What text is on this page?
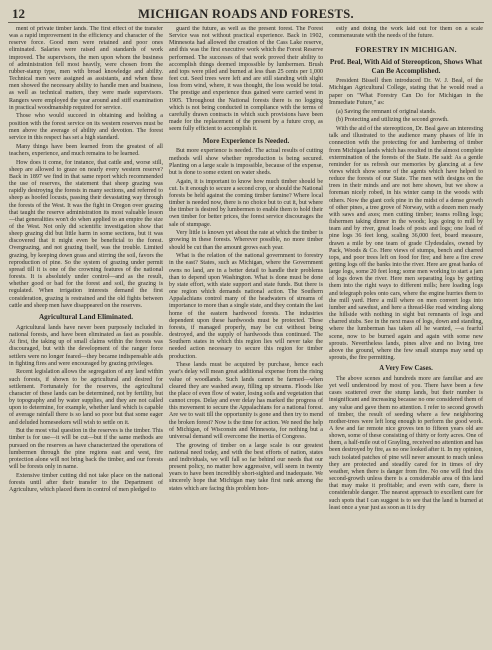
12	MICHIGAN ROADS AND FORESTS.

ment of private timber lands. The first effect of the transfer was a rapid improvement in the efficiency and character of the reserve force. Good men were retained and poor ones eliminated. Salaries were raised and standards of work improved. The supervisors, the men upon whom the business of administration fell most heavily, were chosen from the rubber-stamp type, men with broad knowledge and ability. Technical men were assigned as assistants, and when these men showed the necessary ability to handle men and business, as well as technical matters, they were made supervisors. Rangers were employed the year around and stiff examination in practical woodmanship required for service.

Those who would succeed in obtaining and holding a position with the forest service on its western reserves must be men above the average of ability and devotion. The forest service in this respect has set a high standard.

Many things have been learned from the greatest of all teachers, experience, and much remains to be learned.

How does it come, for instance, that cattle and, worse still, sheep are allowed to graze on nearly every western reserve? Back in 1897 we find in that same report which recommended the use of reserves, the statement that sheep grazing was rapidly destroying the forests in many sections, and referred to sheep as hoofed locusts, passing their devastating way through the forests of the West. It was the fight in Oregon over grazing that taught the reserve administration its most valuable lesson —that generalities won't do when applied to an empire the size of the West. Not only did scientific investigation show that sheep grazing did but little harm in some sections, but it was discovered that it might even be beneficial to the forest. Overgrazing, and not grazing itself, was the trouble. Limited grazing, by keeping down grass and stirring the soil, favors the reproduction of pine. So the system of grazing under permit spread till it is one of the crowning features of the national forests. It is absolutely under control—and as the result, whether good or bad for the forest and soil, the grazing is regulated. When irrigation interests demand the first consideration, grazing is restrained and the old fights between cattle and sheep men have disappeared on the reserves.

Agricultural Land Eliminated.

Agricultural lands have never been purposely included in national forests, and have been eliminated as fast as possible. At first, the taking up of small claims within the forests was discouraged, but with the development of the ranger force settlers were no longer feared—they became indispensable aids in fighting fires and were encouraged by grazing privileges.

Recent legislation allows the segregation of any land within such forests, if shown to be agricultural and desired for settlement. Fortunately for the reserves, the agricultural character of these lands can be determined, not by fertility, but by topography and by water supplies, and they are not called upon to determine, for example, whether land which is capable of average rainfall there is so land so poor but that some eager and deluded homeseekers will wish to settle on it.

But the most vital question in the reserves is the timber. This timber is for use—it will be cut—but if the same methods are pursued on the reserves as have characterized the operations of lumbermen through the pine regions east and west, fire protection alone will not bring back the timber, and our forests will be forests only in name.

Extensive timber cutting did not take place on the national forests until after their transfer to the Department of Agriculture, which placed them in control of men pledged to

guard the future, as well as the present forest. The Forest Service was not without practical experience. Back in 1902, Minnesota had allowed the creation of the Cass Lake reserve, and this was the first executive work which the Forest Reserve performed. The successes of that work proved their ability to accomplish things deemed impossible by lumbermen. Brush and tops were piled and burned at less than 25 cents per 1,000 feet cut. Seed trees were left and are still standing with slight loss from wind, where, it was thought, the loss would be total. The prestige and experience thus gained were carried west in 1905. Throughout the National forests there is no logging which is not being conducted in compliance with the terms of carefully drawn contracts in which such provisions have been made for the replacement of the present by a future crop, as seem fully efficient to accomplish it.

More Experience Is Needed.

But more experience is needed. The actual results of cutting methods will show whether reproduction is being secured. Planting on a large scale is impossible, because of the expense, but is done to some extent on water sheds.

Again, it is important to know how much timber should be cut. Is it enough to secure a second crop, or should the National forests be held against the coming timber famine? Where local timber is needed now, there is no choice but to cut it, but where the timber is desired by lumbermen to enable them to hold their own timber for better prices, the forest service discourages the sale of stumpage.

Very little is known yet about the rate at which the timber is growing in these forests. Wherever possible, no more timber should be cut than the amount grows each year.

What is the relation of the national government to forestry in the east? States, such as Michigan, where the Government owns no land, are in a better detail to handle their problems than to depend upon Washington. What is done must be done by state effort, with state support and state funds. But there is one region which demands national action. The Southern Appalachians control many of the headwaters of streams of importance to more than a single state, and they contain the last home of the eastern hardwood forests. The industries dependent upon these hardwoods must be protected. These forests, if managed properly, may be cut without being destroyed, and the supply of hardwoods thus continued. The Southern states in which this region lies will never take the needed action necessary to secure this region for timber production.

These lands must be acquired by purchase, hence each year's delay will mean great additional expense from the rising value of woodlands. Such lands cannot be farmed—when cleared they are washed away, filling up streams. Floods like the place of even flow of water, losing soils and vegetation that cannot crops. Delay and ever delay has marked the progress of this movement to secure the Appalachians for a national forest. Are we to wait till the opportunity is gone and then try to mend the broken forest? Now is the time for action. We need the help of Michigan, of Wisconsin and Minnesota, for nothing but a universal demand will overcome the inertia of Congress.

The growing of timber on a large scale is our greatest national need today, and with the best efforts of nation, states and individuals, we will fall so far behind our needs that our present policy, no matter how aggressive, will seem in twenty years to have been incredibly short-sighted and inadequate. We sincerely hope that Michigan may take first rank among the states which are facing this problem hon-

estly and doing the work laid out for them on a scale commensurate with the needs of the future.

FORESTRY IN MICHIGAN.
Prof. Beal, With Aid of Stereopticon, Shows What Can Be Accomplished.

President Bissell then introduced Dr. W. J. Beal, of the Michigan Agricultural College, stating that he would read a paper on "What Forestry Can Do for Michigan in the Immediate Future," as:

(a) Saving the remnant of original stands.

(b) Protecting and utilizing the second growth.

With the aid of the stereopticon, Dr. Beal gave an interesting talk and illustrated to the audience many phases of life in connection with the protecting for and lumbering of timber from Michigan lands which has resulted in the almost complete extermination of the forests of the State. He said: As a gentle reminder for us refresh our memories by glancing at a few views which show some of the agents which have helped to reduce the forests of our State. The men with designs on the trees in their minds and are not here shown, but we show a foreman nicely robed, in his winter camp in the woods with others. Now the giant cork pine in the midst of a dense growth of other pines, a tree grove of Norway, with a dozen men ready with saws and axes; men cutting timber; teams rolling logs; fishermen taking dinner in the woods; logs going to mill by team and by river, great loads of posts and logs; one load of pine logs 36 feet long, scaling 36,000 feet, board measure, drawn a mile by one team of grade Clydesdales, owned by Pack, Woods & Co. Here views of stumps, bench and charred tops, and poor trees left on food for fire; and here a fire crew getting logs off the banks into the river. Here are great banks of large logs, some 20 feet long; some men working to start a jam of logs down the river. Here men separating logs by getting them into the right ways to different mills; here loading logs and telegraph poles onto cars, where the engine hurries them to the mill yard. Here a mill where on men convert logs into lumber and sawdust, and here a thread-like road winding along the hillside with nothing in sight but remnants of logs and charred stubs. See in the next mass of logs, down and standing, where the lumberman has taken all he wanted, —a fearful scene, now to be burned again and again with some new sprouts. Nevertheless lands, pines alive and no living tree above the ground, where the few small stumps may send up sprouts, the fire permitting.

A Very Few Cases.

The above scenes and hundreds more are familiar and are yet well understood by most of you. There have been a few cases scattered over the stump lands, but their number is insignificant and increasing because no one considered them of any value and gave them no attention. I refer to second growth of timber, the result of seeding where a few neighboring mother-trees were left long enough to perform the good work. A few and far remote nice groves ten to fifteen years old are shown, some of these consisting of thirty or forty acres. One of them, a half-mile out of Grayling, received no attention and has been destroyed by fire, as no one looked after it. In my opinion, such isolated patches of pine will never amount to much unless they are protected and steadily cared for in times of dry weather, when there is danger from fire. No one will find this second-growth unless there is a considerable area of this land that may make it profitable; and even with care, there is considerable danger. The nearest approach to excellent care for such spots that I can suggest is to see that the land is burned at least once a year just as soon as it is dry
